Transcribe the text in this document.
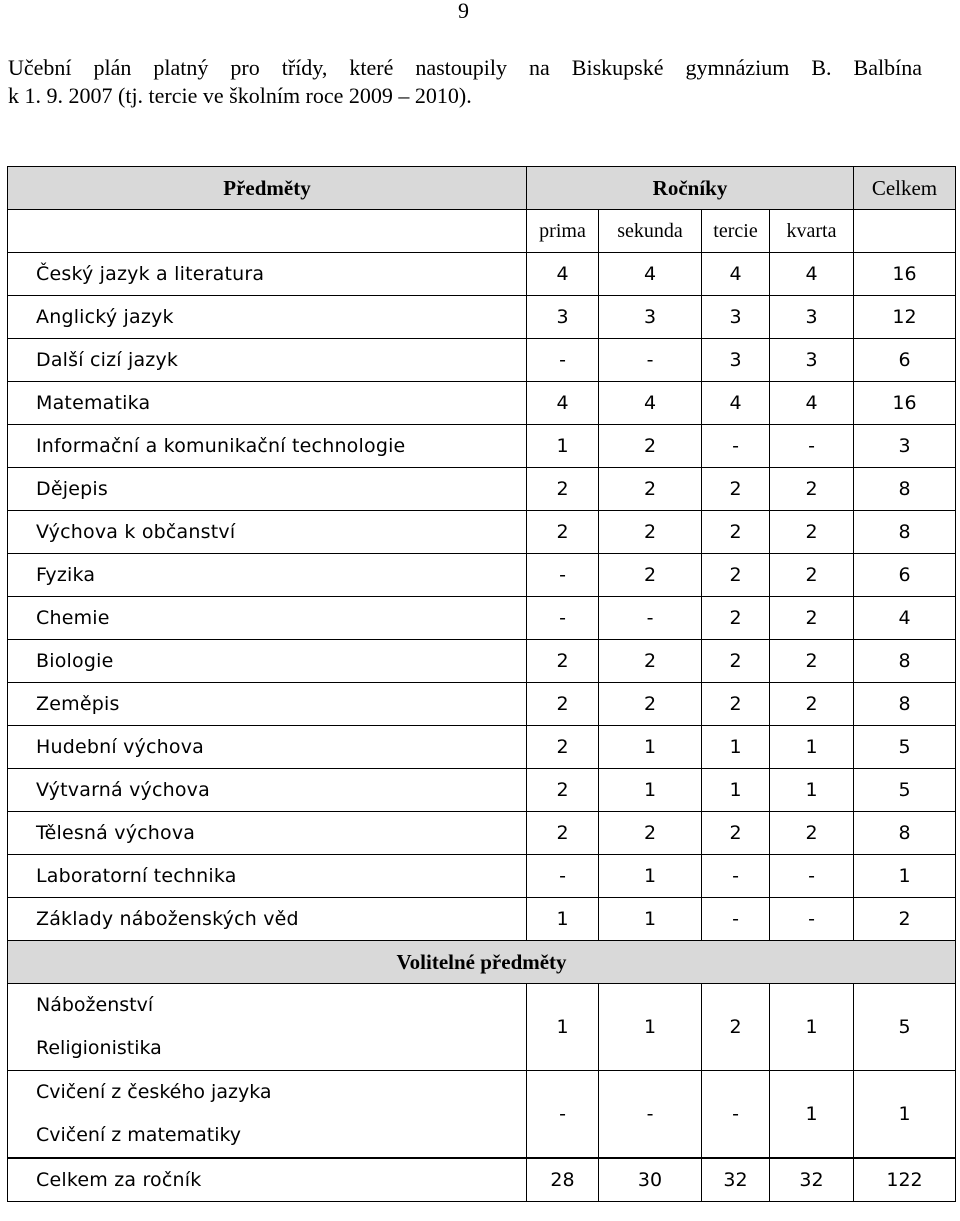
9
Učební plán platný pro třídy, které nastoupily na Biskupské gymnázium B. Balbína
k 1. 9. 2007 (tj. tercie ve školním roce 2009 – 2010).
Předměty	Ročníky				Celkem
	prima	sekunda	tercie	kvarta	
Český jazyk a literatura	4	4	4	4	16
Anglický jazyk	3	3	3	3	12
Další cizí jazyk	-	-	3	3	6
Matematika	4	4	4	4	16
Informační a komunikační technologie	1	2	-	-	3
Dějepis	2	2	2	2	8
Výchova k občanství	2	2	2	2	8
Fyzika	-	2	2	2	6
Chemie	-	-	2	2	4
Biologie	2	2	2	2	8
Zeměpis	2	2	2	2	8
Hudební výchova	2	1	1	1	5
Výtvarná výchova	2	1	1	1	5
Tělesná výchova	2	2	2	2	8
Laboratorní technika	-	1	-	-	1
Základy náboženských věd	1	1	-	-	2
Volitelné předměty					

Náboženství
Religionistika	1	1	2	1	5

Cvičení z českého jazyka
Cvičení z matematiky	-	-	-	1	1
Celkem za ročník	28	30	32	32	122
